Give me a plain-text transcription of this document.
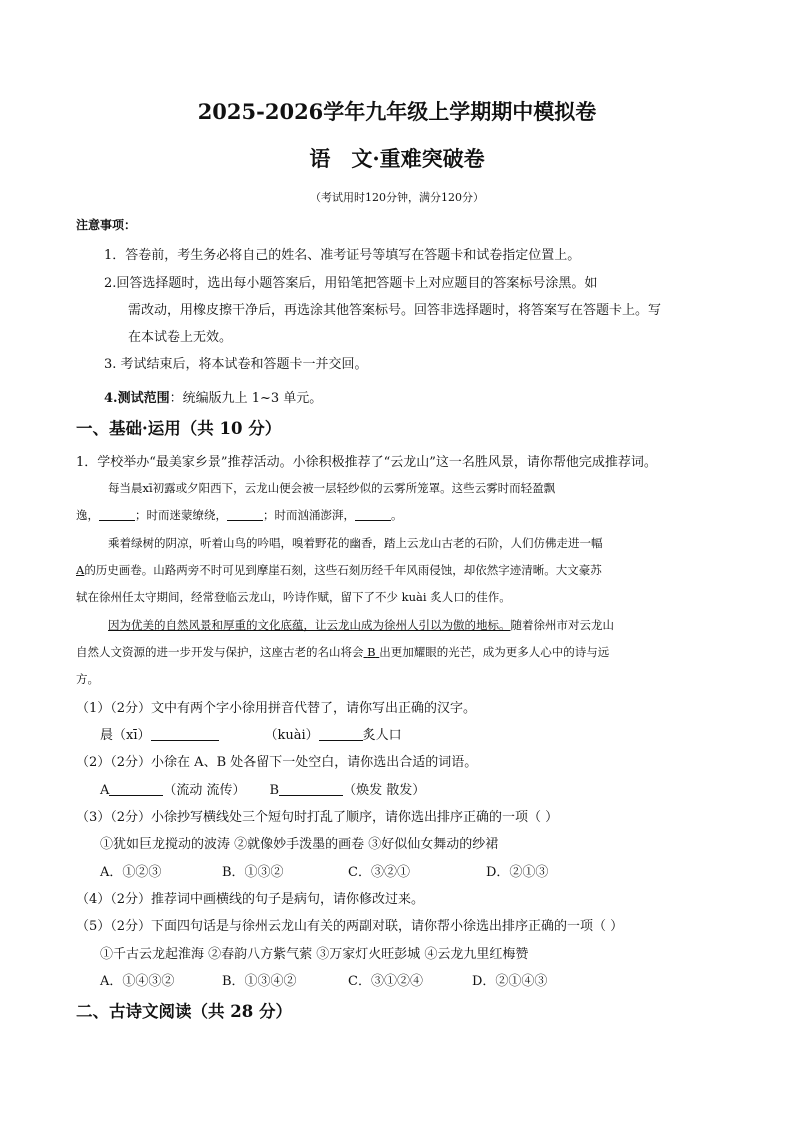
2025-2026学年九年级上学期期中模拟卷
语　文·重难突破卷
（考试用时120分钟，满分120分）
注意事项：
1．答卷前，考生务必将自己的姓名、准考证号等填写在答题卡和试卷指定位置上。
2.回答选择题时，选出每小题答案后，用铅笔把答题卡上对应题目的答案标号涂黑。如
需改动，用橡皮擦干净后，再选涂其他答案标号。回答非选择题时，将答案写在答题卡上。写
在本试卷上无效。
3. 考试结束后，将本试卷和答题卡一并交回。
4.测试范围：统编版九上 1~3 单元。
一、基础·运用（共 10 分）
1．学校举办“最美家乡景”推荐活动。小徐积极推荐了“云龙山”这一名胜风景，请你帮他完成推荐词。
每当晨xī初露或夕阳西下，云龙山便会被一层轻纱似的云雾所笼罩。这些云雾时而轻盈飘
逸，	；时而迷蒙缭绕，	；时而汹涌澎湃，	。
乘着绿树的阴凉，听着山鸟的吟唱，嗅着野花的幽香，踏上云龙山古老的石阶，人们仿佛走进一幅
A的历史画卷。山路两旁不时可见到摩崖石刻，这些石刻历经千年风雨侵蚀，却依然字迹清晰。大文豪苏
轼在徐州任太守期间，经常登临云龙山，吟诗作赋，留下了不少 kuài 炙人口的佳作。
因为优美的自然风景和厚重的文化底蕴，让云龙山成为徐州人引以为傲的地标。随着徐州市对云龙山
自然人文资源的进一步开发与保护，这座古老的名山将会 B 出更加耀眼的光芒，成为更多人心中的诗与远
方。
（1）（2分）文中有两个字小徐用拼音代替了，请你写出正确的汉字。
晨（xī）	（kuài）	炙人口
（2）（2分）小徐在 A、B 处各留下一处空白，请你选出合适的词语。
A	（流动 流传） B	（焕发 散发）
（3）（2分）小徐抄写横线处三个短句时打乱了顺序，请你选出排序正确的一项（ ）
①犹如巨龙搅动的波涛 ②就像妙手泼墨的画卷 ③好似仙女舞动的纱裙
A．①②③	B．①③②	C．③②①	D．②①③
（4）（2分）推荐词中画横线的句子是病句，请你修改过来。
（5）（2分）下面四句话是与徐州云龙山有关的两副对联，请你帮小徐选出排序正确的一项（ ）
①千古云龙起淮海 ②春韵八方紫气萦 ③万家灯火旺彭城 ④云龙九里红梅赞
A．①④③②	B．①③④②	C．③①②④	D．②①④③
二、古诗文阅读（共 28 分）
